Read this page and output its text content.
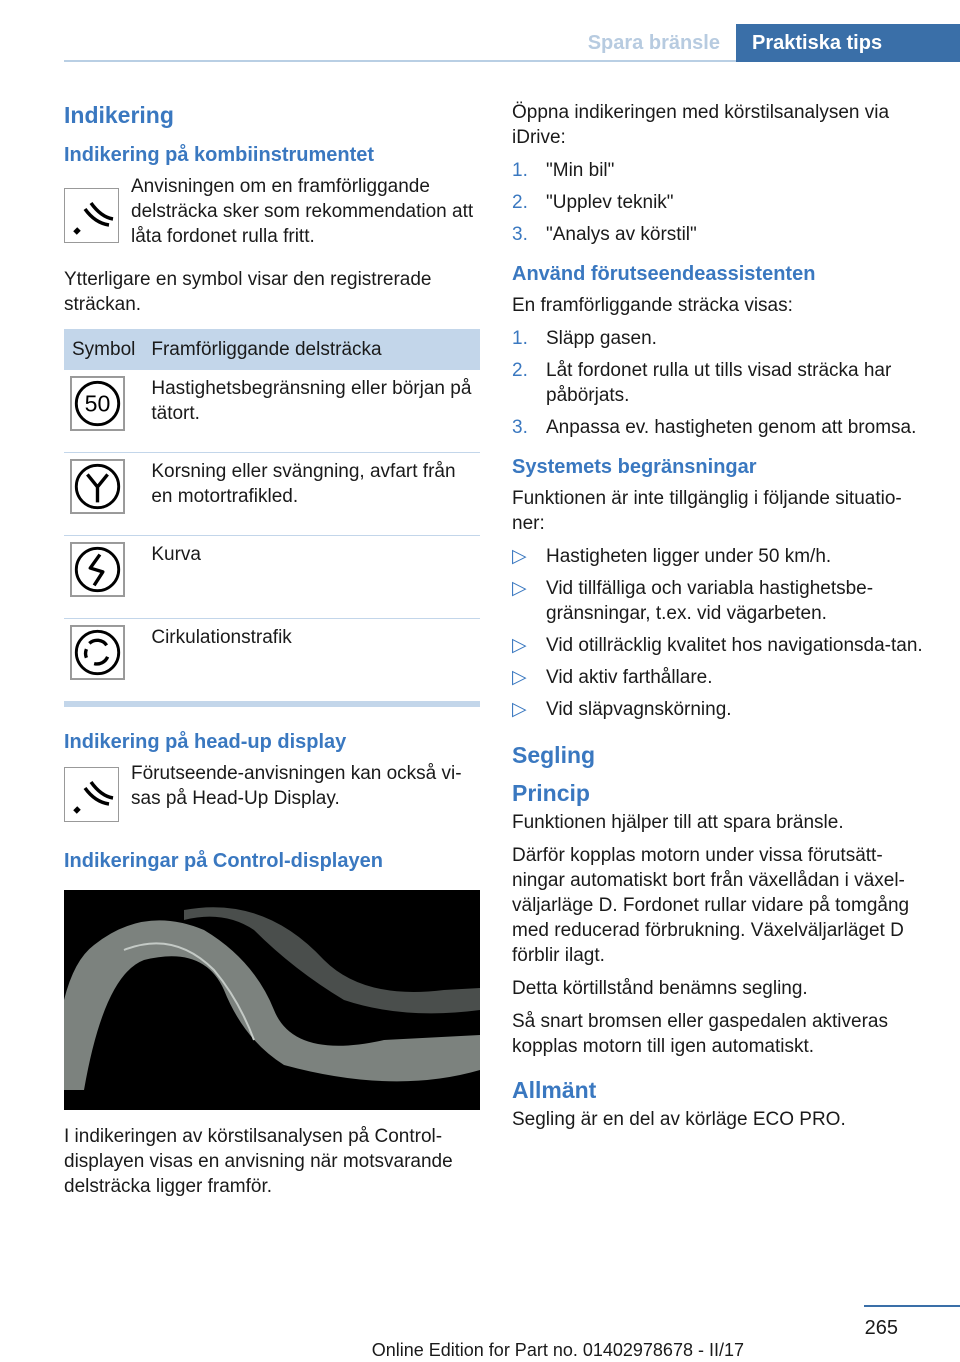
Spara bränsle	Praktiska tips
Indikering
Indikering på kombiinstrumentet

Anvisningen om en framförliggande delsträcka sker som rekommendation att låta fordonet rulla fritt.

Ytterligare en symbol visar den registrerade sträckan.

Symbol	Framförliggande delsträcka

50	Hastighetsbegränsning eller början på tätort.
	Korsning eller svängning, avfart från en motortrafikled.
	Kurva
	Cirkulationstrafik
Indikering på head-up display

Förutseende-anvisningen kan också vi‐sas på Head-Up Display.

Indikeringar på Control-displayen

I indikeringen av körstilsanalysen på Control‐displayen visas en anvisning när motsvarande delsträcka ligger framför.

Öppna indikeringen med körstilsanalysen via iDrive:

1. "Min bil"
2. "Upplev teknik"
3. "Analys av körstil"
Använd förutseendeassistenten

En framförliggande sträcka visas:

1. Släpp gasen.
2. Låt fordonet rulla ut tills visad sträcka har påbörjats.
3. Anpassa ev. hastigheten genom att bromsa.
Systemets begränsningar

Funktionen är inte tillgänglig i följande situatio‐ner:

▷	Hastigheten ligger under 50 km/h.
▷	Vid tillfälliga och variabla hastighetsbe‐gränsningar, t.ex. vid vägarbeten.
▷	Vid otillräcklig kvalitet hos navigationsda‐tan.
▷	Vid aktiv farthållare.
▷	Vid släpvagnskörning.
Segling
Princip

Funktionen hjälper till att spara bränsle.

Därför kopplas motorn under vissa förutsätt‐ningar automatiskt bort från växellådan i växel‐väljarläge D. Fordonet rullar vidare på tomgång med reducerad förbrukning. Växelväljarläget D förblir ilagt.

Detta körtillstånd benämns segling.

Så snart bromsen eller gaspedalen aktiveras kopplas motorn till igen automatiskt.

Allmänt

Segling är en del av körläge ECO PRO.

265
Online Edition for Part no. 01402978678 - II/17
